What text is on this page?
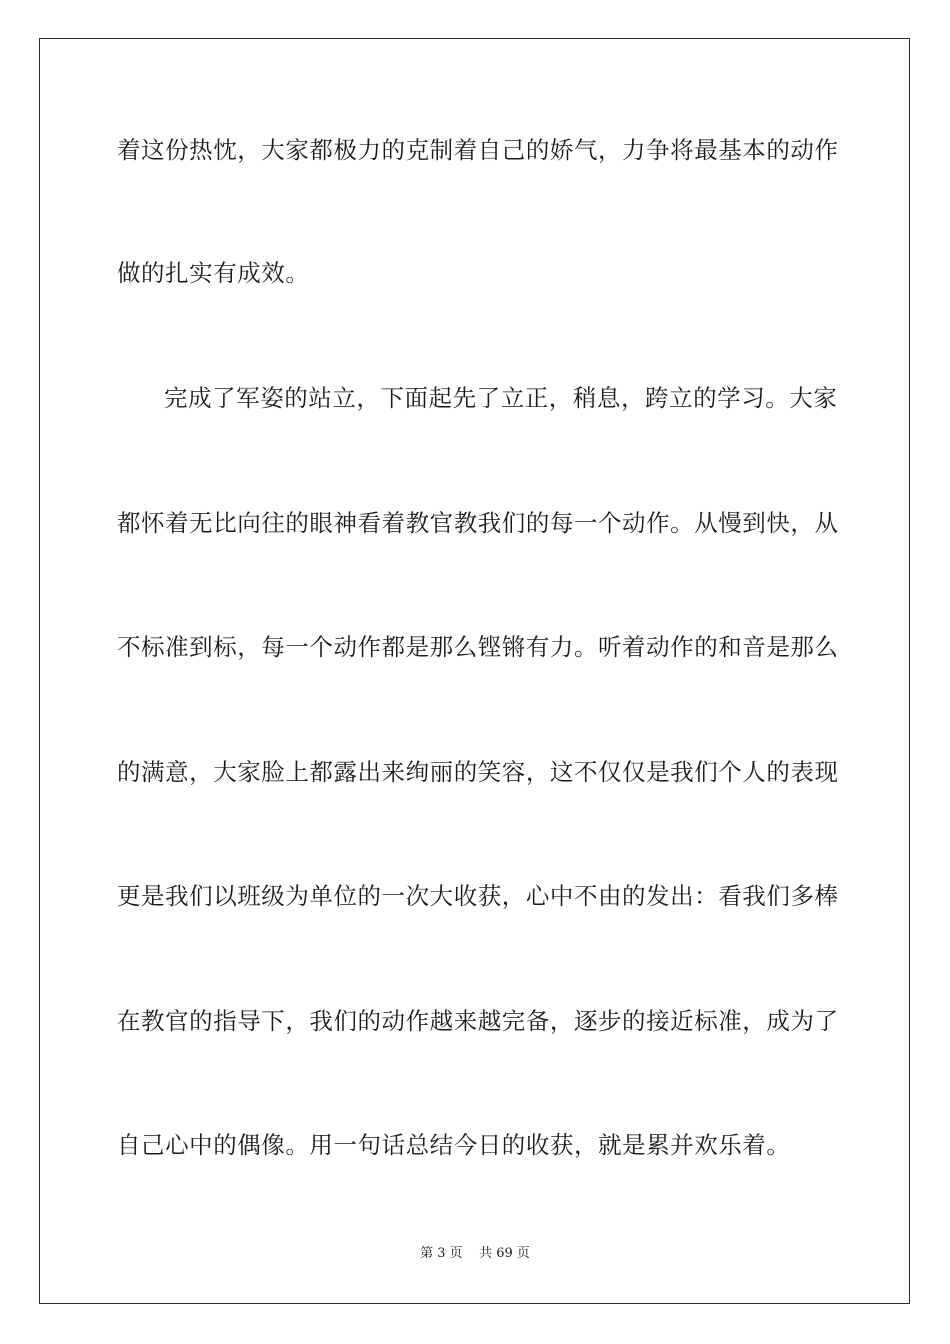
着这份热忱，大家都极力的克制着自己的娇气，力争将最基本的动作
做的扎实有成效。
完成了军姿的站立，下面起先了立正，稍息，跨立的学习。大家
都怀着无比向往的眼神看着教官教我们的每一个动作。从慢到快，从
不标准到标，每一个动作都是那么铿锵有力。听着动作的和音是那么
的满意，大家脸上都露出来绚丽的笑容，这不仅仅是我们个人的表现
更是我们以班级为单位的一次大收获，心中不由的发出：看我们多棒
在教官的指导下，我们的动作越来越完备，逐步的接近标准，成为了
自己心中的偶像。用一句话总结今日的收获，就是累并欢乐着。
第 3 页    共 69 页
